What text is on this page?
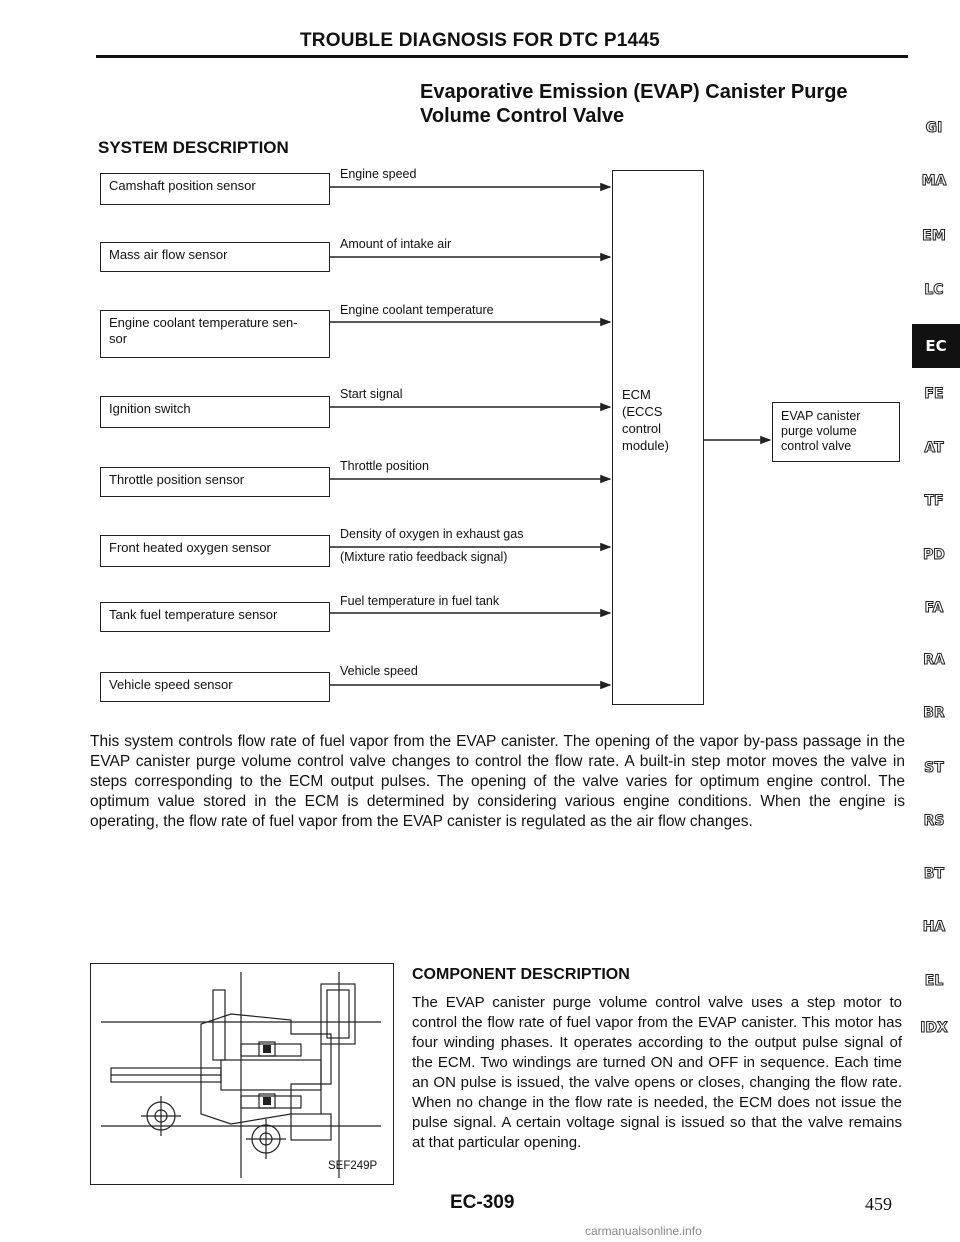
TROUBLE DIAGNOSIS FOR DTC P1445
Evaporative Emission (EVAP) Canister Purge
Volume Control Valve
SYSTEM DESCRIPTION
Camshaft position sensor
Engine speed
Mass air flow sensor
Amount of intake air
Engine coolant temperature sen-
sor
Engine coolant temperature
Ignition switch
Start signal
Throttle position sensor
Throttle position
Front heated oxygen sensor
Density of oxygen in exhaust gas
(Mixture ratio feedback signal)
Tank fuel temperature sensor
Fuel temperature in fuel tank
Vehicle speed sensor
Vehicle speed
ECM
(ECCS
control
module)
EVAP canister
purge volume
control valve
This system controls flow rate of fuel vapor from the EVAP canister. The opening of the vapor by-pass passage in the EVAP canister purge volume control valve changes to control the flow rate. A built-in step motor moves the valve in steps corresponding to the ECM output pulses. The opening of the valve varies for optimum engine control. The optimum value stored in the ECM is determined by considering various engine conditions. When the engine is operating, the flow rate of fuel vapor from the EVAP canister is regulated as the air flow changes.
SEF249P
COMPONENT DESCRIPTION
The EVAP canister purge volume control valve uses a step motor to control the flow rate of fuel vapor from the EVAP canister. This motor has four winding phases. It operates according to the output pulse signal of the ECM. Two windings are turned ON and OFF in sequence. Each time an ON pulse is issued, the valve opens or closes, changing the flow rate. When no change in the flow rate is needed, the ECM does not issue the pulse signal. A certain voltage signal is issued so that the valve remains at that particular opening.
EC-309	459
carmanualsonline.info
GI
MA
EM
LC
EC
FE
AT
TF
PD
FA
RA
BR
ST
RS
BT
HA
EL
IDX
